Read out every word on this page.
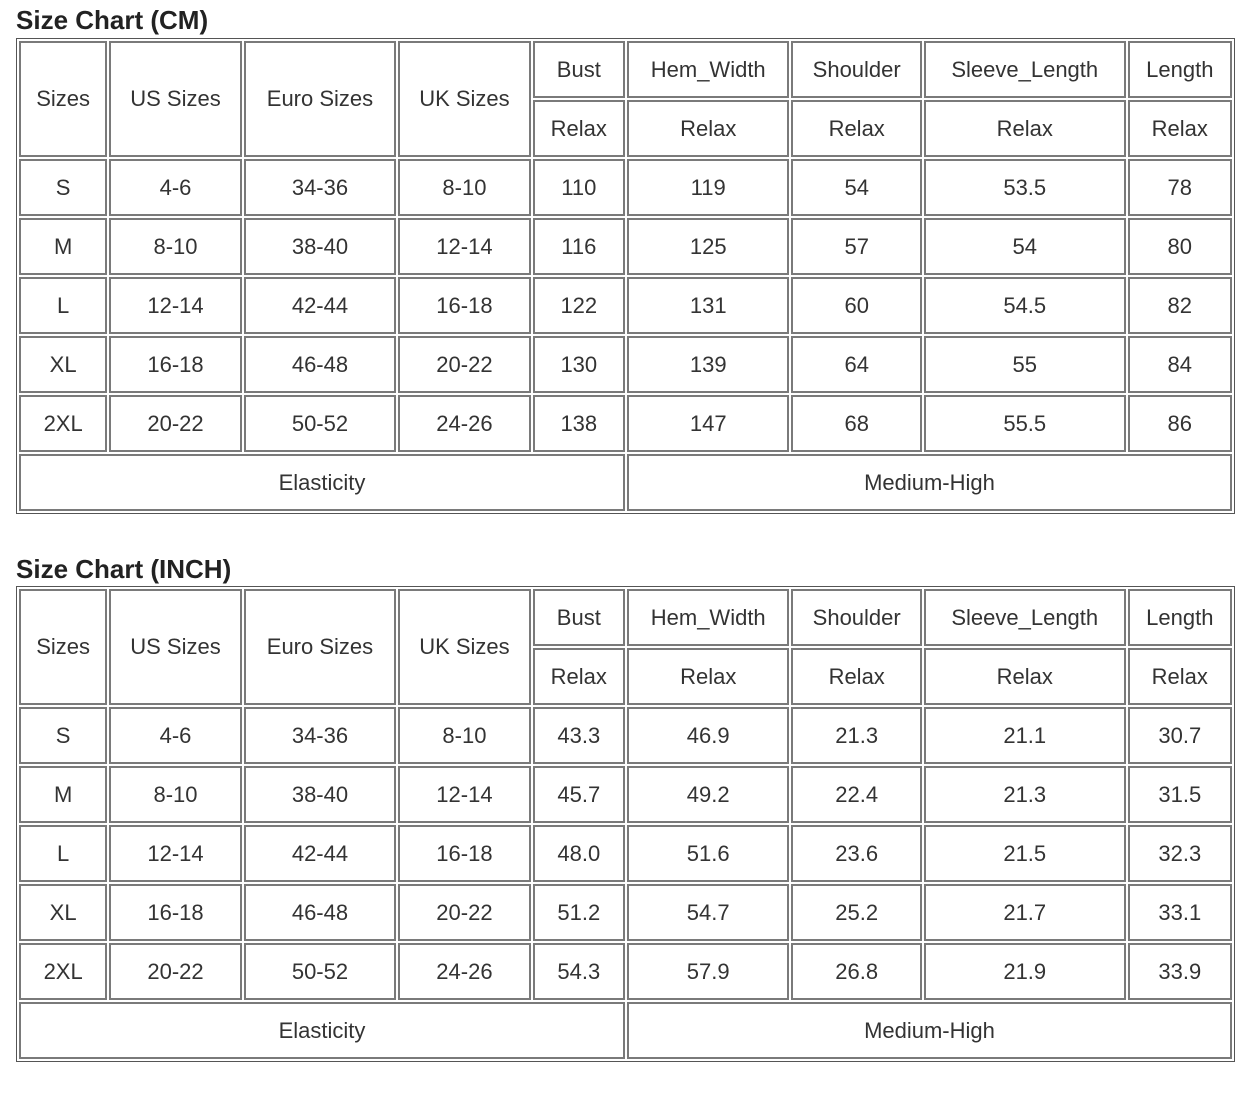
Size Chart (CM)
Sizes	US Sizes	Euro Sizes	UK Sizes	Bust	Hem_Width	Shoulder	Sleeve_Length	Length
				Relax	Relax	Relax	Relax	Relax
S	4-6	34-36	8-10	110	119	54	53.5	78
M	8-10	38-40	12-14	116	125	57	54	80
L	12-14	42-44	16-18	122	131	60	54.5	82
XL	16-18	46-48	20-22	130	139	64	55	84
2XL	20-22	50-52	24-26	138	147	68	55.5	86
Elasticity					Medium-High			
Size Chart (INCH)
Sizes	US Sizes	Euro Sizes	UK Sizes	Bust	Hem_Width	Shoulder	Sleeve_Length	Length
				Relax	Relax	Relax	Relax	Relax
S	4-6	34-36	8-10	43.3	46.9	21.3	21.1	30.7
M	8-10	38-40	12-14	45.7	49.2	22.4	21.3	31.5
L	12-14	42-44	16-18	48.0	51.6	23.6	21.5	32.3
XL	16-18	46-48	20-22	51.2	54.7	25.2	21.7	33.1
2XL	20-22	50-52	24-26	54.3	57.9	26.8	21.9	33.9
Elasticity					Medium-High			
